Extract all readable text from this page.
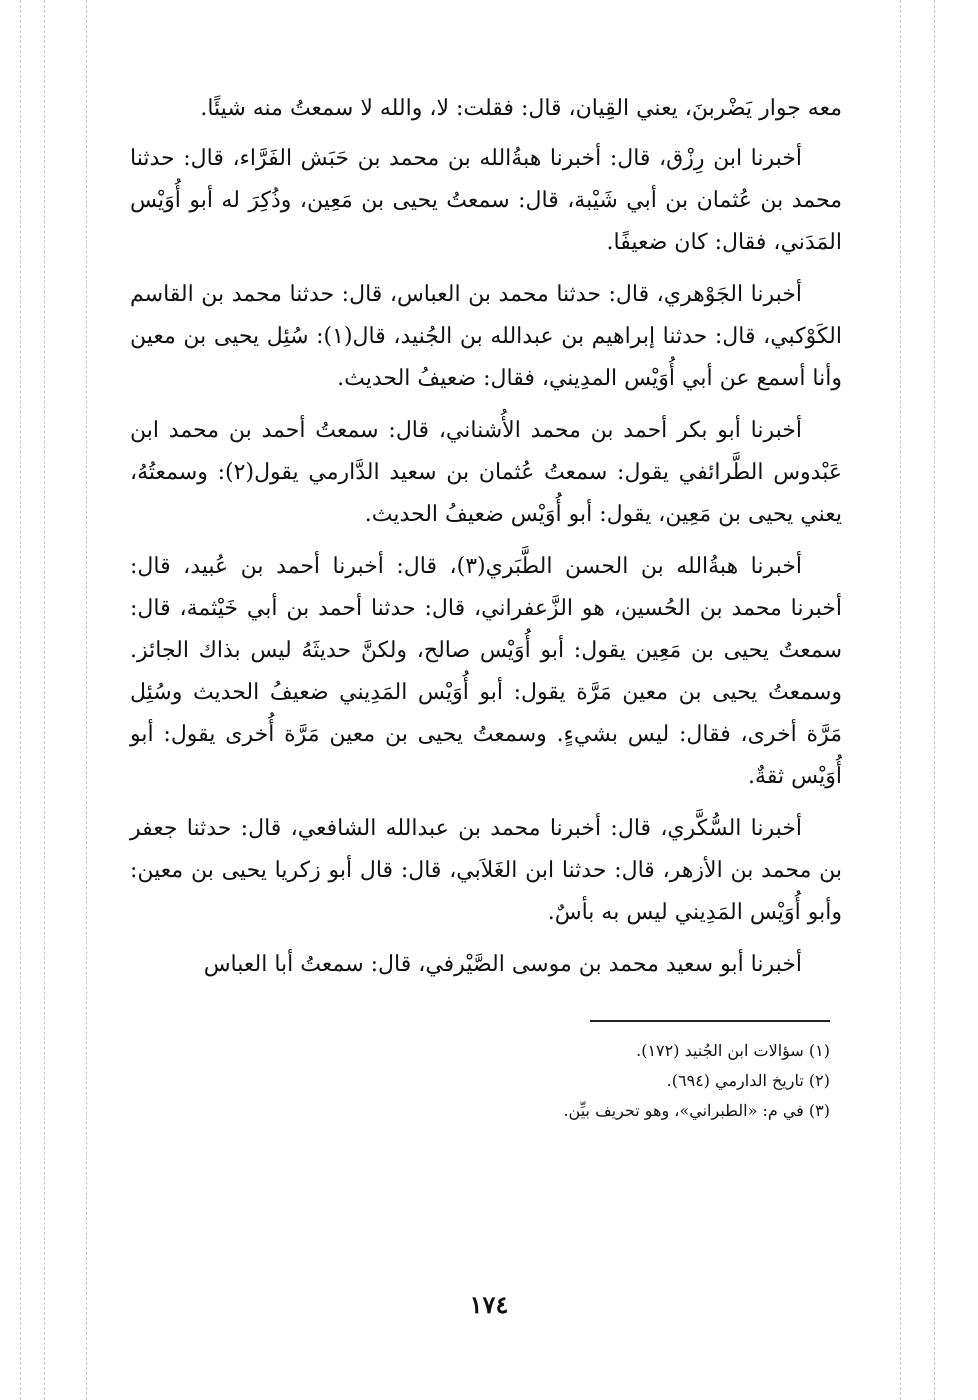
معه جوار يَضْربنَ، يعني القِيان، قال: فقلت: لا، والله لا سمعتُ منه شيئًا.

أخبرنا ابن رِزْق، قال: أخبرنا هبةُالله بن محمد بن حَبَش الفَرَّاء، قال: حدثنا محمد بن عُثمان بن أبي شَيْبة، قال: سمعتُ يحيى بن مَعِين، وذُكِرَ له أبو أُوَيْس المَدَني، فقال: كان ضعيفًا.

أخبرنا الجَوْهري، قال: حدثنا محمد بن العباس، قال: حدثنا محمد بن القاسم الكَوْكبي، قال: حدثنا إبراهيم بن عبدالله بن الجُنيد، قال(١): سُئِل يحيى بن معين وأنا أسمع عن أبي أُوَيْس المدِيني، فقال: ضعيفُ الحديث.

أخبرنا أبو بكر أحمد بن محمد الأُشناني، قال: سمعتُ أحمد بن محمد ابن عَبْدوس الطَّرائفي يقول: سمعتُ عُثمان بن سعيد الدَّارمي يقول(٢): وسمعتُهُ، يعني يحيى بن مَعِين، يقول: أبو أُوَيْس ضعيفُ الحديث.

أخبرنا هبةُالله بن الحسن الطَّبَري(٣)، قال: أخبرنا أحمد بن عُبيد، قال: أخبرنا محمد بن الحُسين، هو الزَّعفراني، قال: حدثنا أحمد بن أبي خَيْثمة، قال: سمعتُ يحيى بن مَعِين يقول: أبو أُوَيْس صالح، ولكنَّ حديثَهُ ليس بذاك الجائز. وسمعتُ يحيى بن معين مَرَّة يقول: أبو أُوَيْس المَدِيني ضعيفُ الحديث وسُئِل مَرَّة أخرى، فقال: ليس بشيءٍ. وسمعتُ يحيى بن معين مَرَّة أُخرى يقول: أبو أُوَيْس ثقةٌ.

أخبرنا السُّكَّري، قال: أخبرنا محمد بن عبدالله الشافعي، قال: حدثنا جعفر بن محمد بن الأزهر، قال: حدثنا ابن الغَلاَبي، قال: قال أبو زكريا يحيى بن معين: وأبو أُوَيْس المَدِيني ليس به بأسٌ.

أخبرنا أبو سعيد محمد بن موسى الصَّيْرفي، قال: سمعتُ أبا العباس

(١) سؤالات ابن الجُنيد (١٧٢).

(٢) تاريخ الدارمي (٦٩٤).

(٣) في م: «الطبراني»، وهو تحريف بيِّن.

١٧٤
